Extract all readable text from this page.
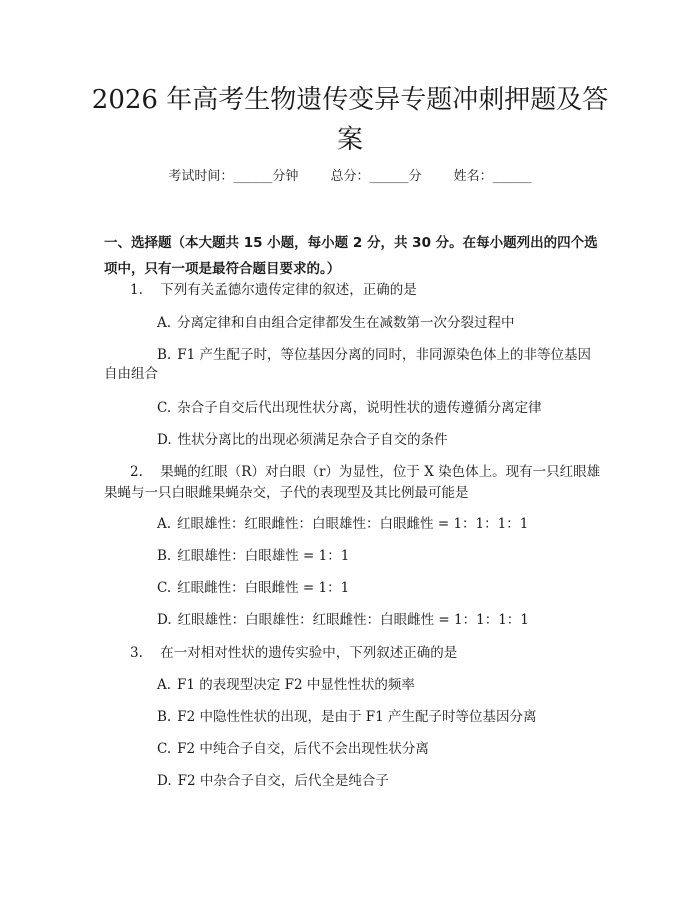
2026 年高考生物遗传变异专题冲刺押题及答案
考试时间：______分钟 总分：______分 姓名：______
一、选择题（本大题共 15 小题，每小题 2 分，共 30 分。在每小题列出的四个选项中，只有一项是最符合题目要求的。）
1. 下列有关孟德尔遗传定律的叙述，正确的是
A. 分离定律和自由组合定律都发生在减数第一次分裂过程中
B. F1 产生配子时，等位基因分离的同时，非同源染色体上的非等位基因
自由组合
C. 杂合子自交后代出现性状分离，说明性状的遗传遵循分离定律
D. 性状分离比的出现必须满足杂合子自交的条件
2. 果蝇的红眼（R）对白眼（r）为显性，位于 X 染色体上。现有一只红眼雄
果蝇与一只白眼雌果蝇杂交，子代的表现型及其比例最可能是
A. 红眼雄性：红眼雌性：白眼雄性：白眼雌性 = 1：1：1：1
B. 红眼雄性：白眼雄性 = 1：1
C. 红眼雌性：白眼雌性 = 1：1
D. 红眼雄性：白眼雄性：红眼雌性：白眼雌性 = 1：1：1：1
3. 在一对相对性状的遗传实验中，下列叙述正确的是
A. F1 的表现型决定 F2 中显性性状的频率
B. F2 中隐性性状的出现，是由于 F1 产生配子时等位基因分离
C. F2 中纯合子自交，后代不会出现性状分离
D. F2 中杂合子自交，后代全是纯合子
